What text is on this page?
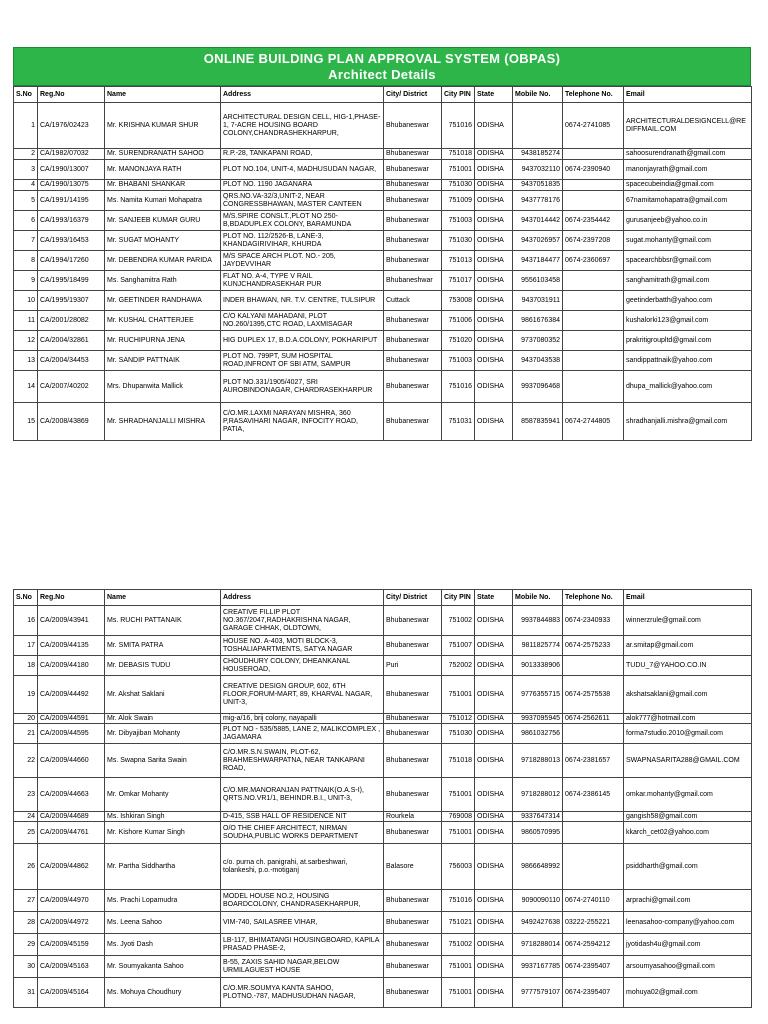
ONLINE BUILDING PLAN APPROVAL SYSTEM (OBPAS)
Architect Details
S.No	Reg.No	Name	Address	City/ District	City PIN	State	Mobile No.	Telephone No.	Email
1	CA/1976/02423	Mr. KRISHNA KUMAR SHUR	ARCHITECTURAL DESIGN CELL, HIG-1,PHASE-1, 7-ACRE HOUSING BOARD COLONY,CHANDRASHEKHARPUR,	Bhubaneswar	751016	ODISHA		0674-2741085	ARCHITECTURALDESIGNCELL@REDIFFMAIL.COM
2	CA/1982/07032	Mr. SURENDRANATH SAHOO	R.P.-28, TANKAPANI ROAD,	Bhubaneswar	751018	ODISHA	9438185274		sahoosurendranath@gmail.com
3	CA/1990/13007	Mr. MANONJAYA RATH	PLOT NO.104, UNIT-4, MADHUSUDAN NAGAR,	Bhubaneswar	751001	ODISHA	9437032110	0674-2390940	manonjayrath@gmail.com
4	CA/1990/13075	Mr. BHABANI SHANKAR	PLOT NO. 1190 JAGANARA	Bhubaneswar	751030	ODISHA	9437051835		spacecubeindia@gmail.com
5	CA/1991/14195	Ms. Namita Kumari Mohapatra	QRS.NO.VA-32/3,UNIT-2, NEAR CONGRESSBHAWAN, MASTER CANTEEN	Bhubaneswar	751009	ODISHA	9437778176		67namitamohapatra@gmail.com
6	CA/1993/16379	Mr. SANJEEB KUMAR GURU	M/S.SPIRE CONSLT.,PLOT NO 250-B,BDADUPLEX COLONY, BARAMUNDA	Bhubaneswar	751003	ODISHA	9437014442	0674-2354442	gurusanjeeb@yahoo.co.in
7	CA/1993/16453	Mr. SUGAT MOHANTY	PLOT NO. 112/2526-B, LANE-3, KHANDAGIRIVIHAR, KHURDA	Bhubaneswar	751030	ODISHA	9437026957	0674-2397208	sugat.mohanty@gmail.com
8	CA/1994/17260	Mr. DEBENDRA KUMAR PARIDA	M/S SPACE ARCH PLOT. NO.- 205, JAYDEVVIHAR	Bhubaneswar	751013	ODISHA	9437184477	0674-2360697	spacearchbbsr@gmail.com
9	CA/1995/18499	Ms. Sanghamitra Rath	FLAT NO. A-4, TYPE V RAIL KUNJCHANDRASEKHAR PUR	Bhubaneshwar	751017	ODISHA	9556103458		sanghamitrath@gmail.com
10	CA/1995/19307	Mr. GEETINDER RANDHAWA	INDER BHAWAN, NR. T.V. CENTRE, TULSIPUR	Cuttack	753008	ODISHA	9437031911		geetinderbatth@yahoo.com
11	CA/2001/28082	Mr. KUSHAL CHATTERJEE	C/O KALYANI MAHADANI, PLOT NO.260/1395,CTC ROAD, LAXMISAGAR	Bhubaneswar	751006	ODISHA	9861676384		kushalorki123@gmail.com
12	CA/2004/32861	Mr. RUCHIPURNA JENA	HIG DUPLEX 17, B.D.A.COLONY, POKHARIPUT	Bhubaneswar	751020	ODISHA	9737080352		prakritigroupltd@gmail.com
13	CA/2004/34453	Mr. SANDIP PATTNAIK	PLOT NO. 799PT, SUM HOSPITAL ROAD,INFRONT OF SBI ATM, SAMPUR	Bhubaneswar	751003	ODISHA	9437043538		sandippattnaik@yahoo.com
14	CA/2007/40202	Mrs. Dhupanwita Mallick	PLOT NO.331/1905/4027, SRI AUROBINDONAGAR, CHARDRASEKHARPUR	Bhubaneswar	751016	ODISHA	9937096468		dhupa_mallick@yahoo.com
15	CA/2008/43869	Mr. SHRADHANJALLI MISHRA	C/O.MR.LAXMI NARAYAN MISHRA, 360 P,RASAVIHARI NAGAR, INFOCITY ROAD, PATIA,	Bhubaneswar	751031	ODISHA	8587835941	0674-2744805	shradhanjalli.mishra@gmail.com
S.No	Reg.No	Name	Address	City/ District	City PIN	State	Mobile No.	Telephone No.	Email
16	CA/2009/43941	Ms. RUCHI PATTANAIK	CREATIVE FILLIP PLOT NO.367/2047,RADHAKRISHNA NAGAR, GARAGE CHHAK, OLDTOWN,	Bhubaneswar	751002	ODISHA	9937844883	0674-2340933	winnerzrule@gmail.com
17	CA/2009/44135	Mr. SMITA PATRA	HOUSE NO. A-403, MOTI BLOCK-3, TOSHALIAPARTMENTS, SATYA NAGAR	Bhubaneswar	751007	ODISHA	9811825774	0674-2575233	ar.smitap@gmail.com
18	CA/2009/44180	Mr. DEBASIS TUDU	CHOUDHURY COLONY, DHEANKANAL HOUSEROAD,	Puri	752002	ODISHA	9013338906		TUDU_7@YAHOO.CO.IN
19	CA/2009/44492	Mr. Akshat Saklani	CREATIVE DESIGN GROUP, 602, 6TH FLOOR,FORUM-MART, 89, KHARVAL NAGAR, UNIT-3,	Bhubaneswar	751001	ODISHA	9776355715	0674-2575538	akshatsaklani@gmail.com
20	CA/2009/44591	Mr. Alok Swain	mig-a/16, brij colony, nayapalli	Bhubaneswar	751012	ODISHA	9937095945	0674-2562611	alok777@hotmail.com
21	CA/2009/44595	Mr. Dibyajiban Mohanty	PLOT NO - 535/5885, LANE 2, MALIKCOMPLEX , JAGAMARA	Bhubaneswar	751030	ODISHA	9861032756		forma7studio.2010@gmail.com
22	CA/2009/44660	Ms. Swapna Sarita Swain	C/O.MR.S.N.SWAIN, PLOT-62, BRAHMESHWARPATNA, NEAR TANKAPANI ROAD,	Bhubaneswar	751018	ODISHA	9718288013	0674-2381657	SWAPNASARITA288@GMAIL.COM
23	CA/2009/44663	Mr. Omkar Mohanty	C/O.MR.MANORANJAN PATTNAIK(O.A.S-I), QRTS.NO.VR1/1, BEHINDR.B.I., UNIT-3,	Bhubaneswar	751001	ODISHA	9718288012	0674-2386145	omkar.mohanty@gmail.com
24	CA/2009/44689	Ms. Ishkiran Singh	D-415, SSB HALL OF RESIDENCE NIT	Rourkela	769008	ODISHA	9337647314		gangish58@gmail.com
25	CA/2009/44761	Mr. Kishore Kumar Singh	O/O THE CHIEF ARCHITECT, NIRMAN SOUDHA,PUBLIC WORKS DEPARTMENT	Bhubaneswar	751001	ODISHA	9860570995		kkarch_cet02@yahoo.com
26	CA/2009/44862	Mr. Partha Siddhartha	c/o. purna ch. panigrahi, at.sarbeshwari, tolankeshi, p.o.-motiganj	Balasore	756003	ODISHA	9866648992		psiddharth@gmail.com
27	CA/2009/44970	Ms. Prachi Lopamudra	MODEL HOUSE NO.2, HOUSING BOARDCOLONY, CHANDRASEKHARPUR,	Bhubaneswar	751016	ODISHA	9090090110	0674-2740110	arprachi@gmail.com
28	CA/2009/44972	Ms. Leena Sahoo	VIM-740, SAILASREE VIHAR,	Bhubaneswar	751021	ODISHA	9492427638	03222-255221	leenasahoo-company@yahoo.com
29	CA/2009/45159	Ms. Jyoti Dash	LB-117, BHIMATANGI HOUSINGBOARD, KAPILA PRASAD PHASE-2,	Bhubaneswar	751002	ODISHA	9718288014	0674-2594212	jyotidash4u@gmail.com
30	CA/2009/45163	Mr. Soumyakanta Sahoo	B-55, ZAXIS SAHID NAGAR,BELOW URMILAGUEST HOUSE	Bhubaneswar	751001	ODISHA	9937167785	0674-2395407	arsoumyasahoo@gmail.com
31	CA/2009/45164	Ms. Mohuya Choudhury	C/O.MR.SOUMYA KANTA SAHOO, PLOTNO.-787, MADHUSUDHAN NAGAR,	Bhubaneswar	751001	ODISHA	9777579107	0674-2395407	mohuya02@gmail.com
